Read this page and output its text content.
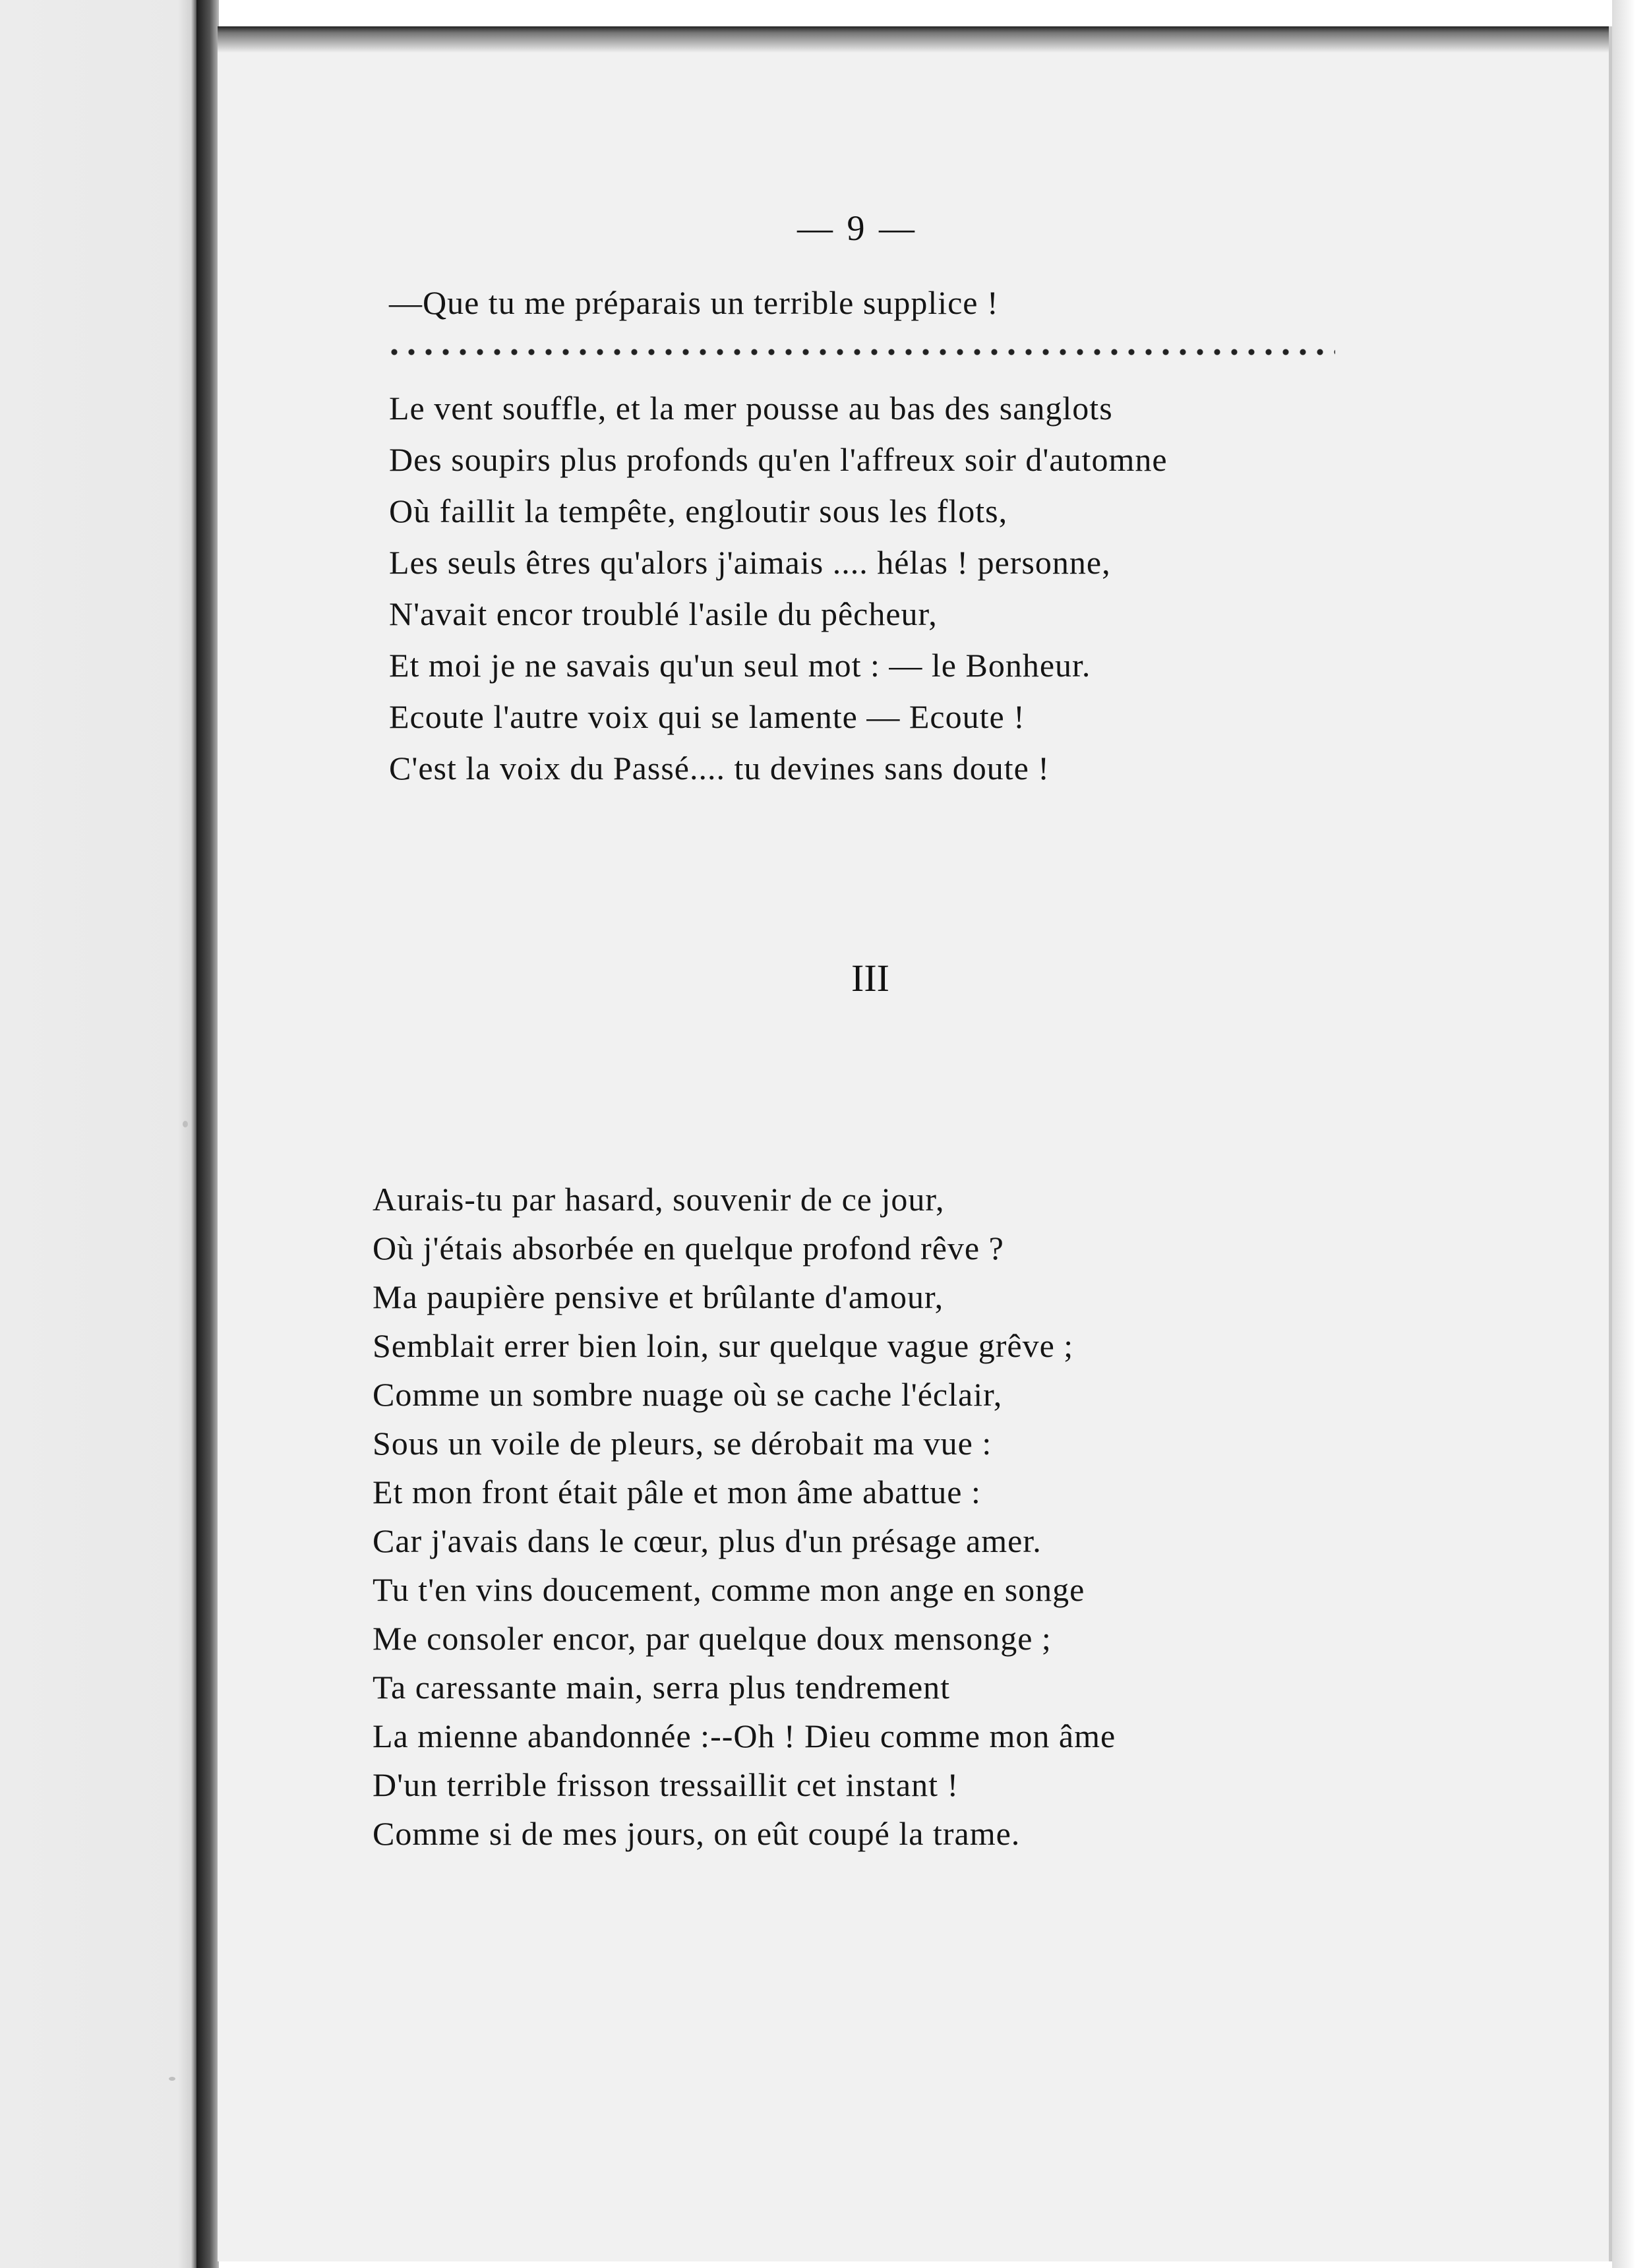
— 9 —
—Que tu me préparais un terrible supplice !
Le vent souffle, et la mer pousse au bas des sanglots
Des soupirs plus profonds qu'en l'affreux soir d'automne
Où faillit la tempête, engloutir sous les flots,
Les seuls êtres qu'alors j'aimais .... hélas ! personne,
N'avait encor troublé l'asile du pêcheur,
Et moi je ne savais qu'un seul mot : — le Bonheur.
Ecoute l'autre voix qui se lamente — Ecoute !
C'est la voix du Passé.... tu devines sans doute !
III
Aurais-tu par hasard, souvenir de ce jour,
Où j'étais absorbée en quelque profond rêve ?
Ma paupière pensive et brûlante d'amour,
Semblait errer bien loin, sur quelque vague grêve ;
Comme un sombre nuage où se cache l'éclair,
Sous un voile de pleurs, se dérobait ma vue :
Et mon front était pâle et mon âme abattue :
Car j'avais dans le cœur, plus d'un présage amer.
Tu t'en vins doucement, comme mon ange en songe
Me consoler encor, par quelque doux mensonge ;
Ta caressante main, serra plus tendrement
La mienne abandonnée :--Oh ! Dieu comme mon âme
D'un terrible frisson tressaillit cet instant !
Comme si de mes jours, on eût coupé la trame.
